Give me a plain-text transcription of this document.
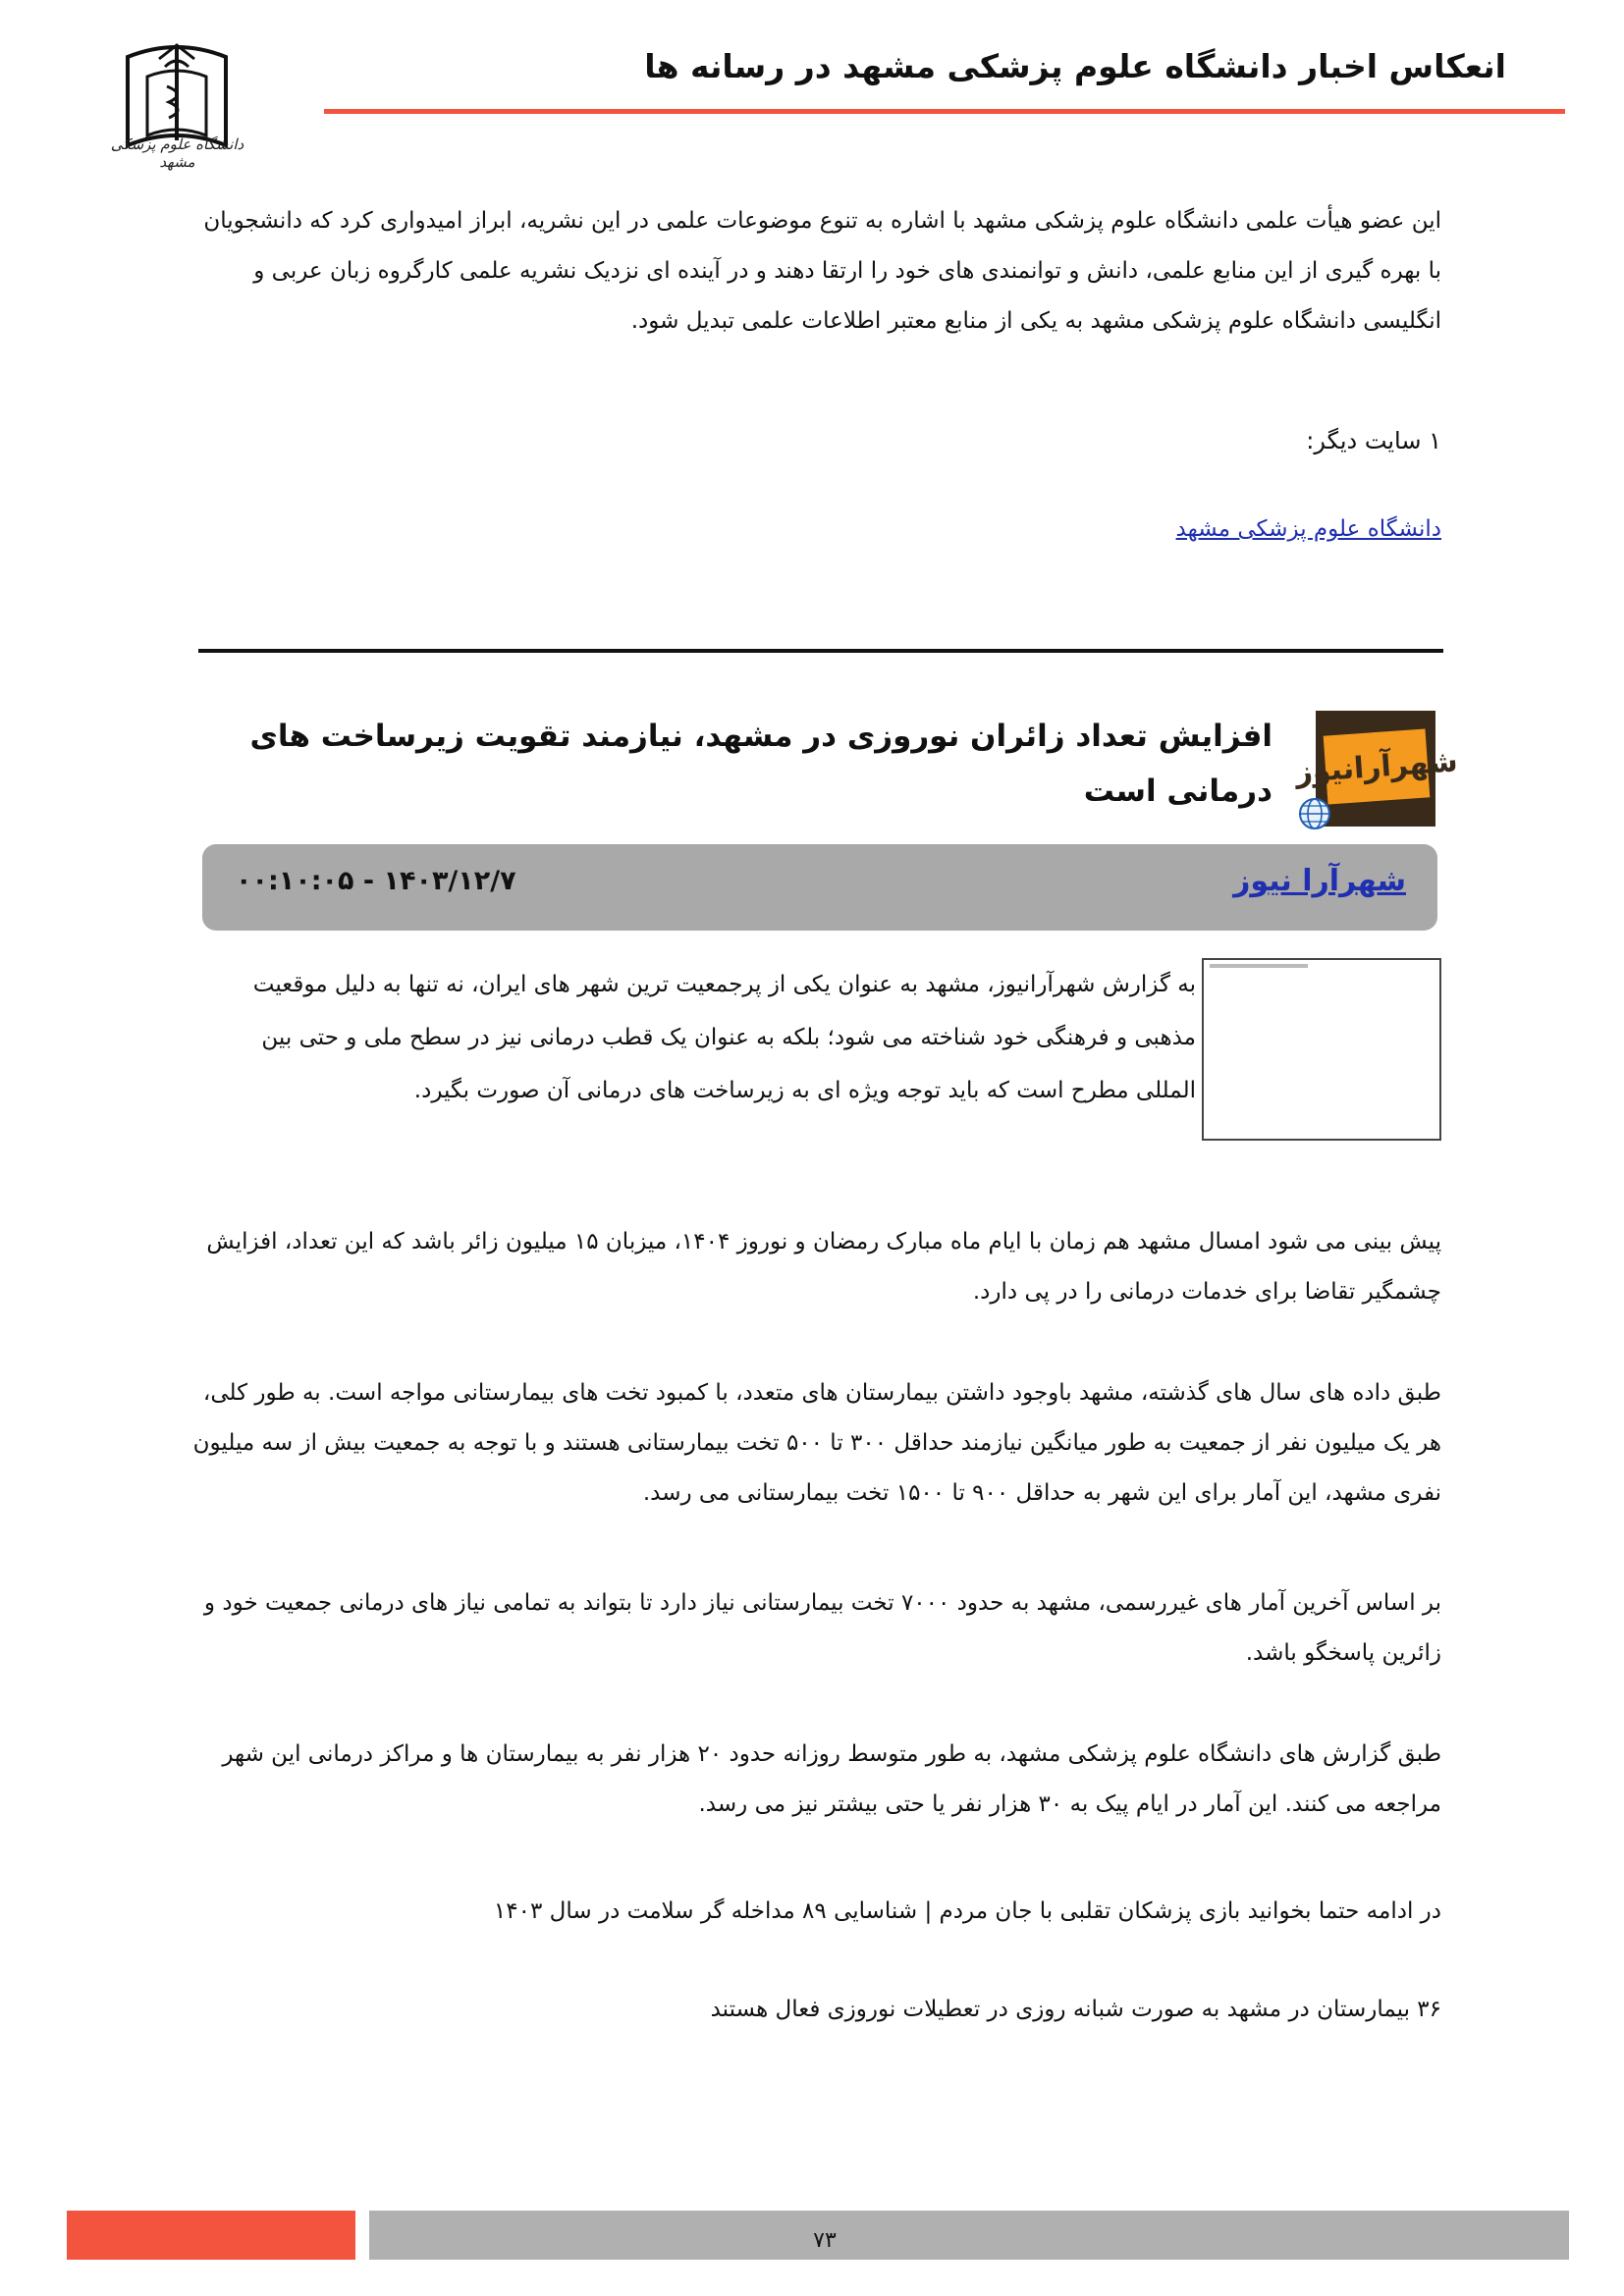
انعکاس اخبار دانشگاه علوم پزشکی مشهد در رسانه ها
دانشگاه علوم پزشکی مشهد
این عضو هیأت علمی دانشگاه علوم پزشکی مشهد با اشاره به تنوع موضوعات علمی در این نشریه، ابراز امیدواری کرد که دانشجویان با بهره گیری از این منابع علمی، دانش و توانمندی های خود را ارتقا دهند و در آینده ای نزدیک نشریه علمی کارگروه زبان عربی و انگلیسی دانشگاه علوم پزشکی مشهد به یکی از منابع معتبر اطلاعات علمی تبدیل شود.
۱ سایت دیگر:
دانشگاه علوم پزشکی مشهد
شهرآرانیوز
افزایش تعداد زائران نوروزی در مشهد، نیازمند تقویت زیرساخت های درمانی است
شهرآرا نیوز
۱۴۰۳/۱۲/۷ - ۰۰:۱۰:۰۵
به گزارش شهرآرانیوز، مشهد به عنوان یکی از پرجمعیت ترین شهر های ایران، نه تنها به دلیل موقعیت مذهبی و فرهنگی خود شناخته می شود؛ بلکه به عنوان یک قطب درمانی نیز در سطح ملی و حتی بین المللی مطرح است که باید توجه ویژه ای به زیرساخت های درمانی آن صورت بگیرد.
پیش بینی می شود امسال مشهد هم زمان با ایام ماه مبارک رمضان و نوروز ۱۴۰۴، میزبان ۱۵ میلیون زائر باشد که این تعداد، افزایش چشمگیر تقاضا برای خدمات درمانی را در پی دارد.
طبق داده های سال های گذشته، مشهد باوجود داشتن بیمارستان های متعدد، با کمبود تخت های بیمارستانی مواجه است. به طور کلی، هر یک میلیون نفر از جمعیت به طور میانگین نیازمند حداقل ۳۰۰ تا ۵۰۰ تخت بیمارستانی هستند و با توجه به جمعیت بیش از سه میلیون نفری مشهد، این آمار برای این شهر به حداقل ۹۰۰ تا ۱۵۰۰ تخت بیمارستانی می رسد.
بر اساس آخرین آمار های غیررسمی، مشهد به حدود ۷۰۰۰ تخت بیمارستانی نیاز دارد تا بتواند به تمامی نیاز های درمانی جمعیت خود و زائرین پاسخگو باشد.
طبق گزارش های دانشگاه علوم پزشکی مشهد، به طور متوسط روزانه حدود ۲۰ هزار نفر به بیمارستان ها و مراکز درمانی این شهر مراجعه می کنند. این آمار در ایام پیک به ۳۰ هزار نفر یا حتی بیشتر نیز می رسد.
در ادامه حتما بخوانید بازی پزشکان تقلبی با جان مردم | شناسایی ۸۹ مداخله گر سلامت در سال ۱۴۰۳
۳۶ بیمارستان در مشهد به صورت شبانه روزی در تعطیلات نوروزی فعال هستند
۷۳
